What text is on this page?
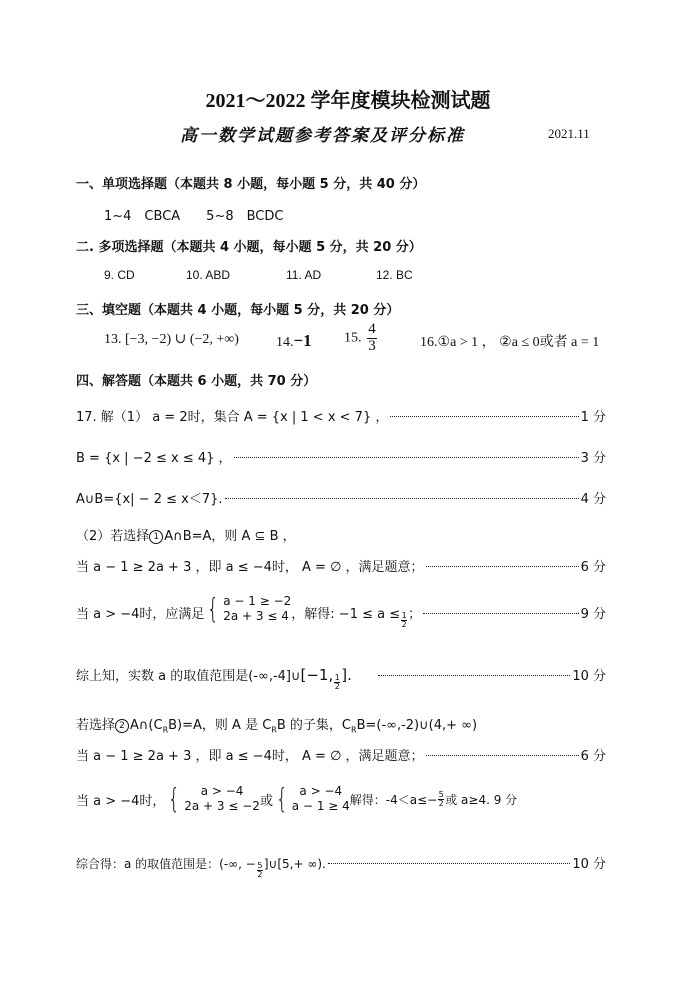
2021～2022 学年度模块检测试题
高一数学试题参考答案及评分标准	2021.11
一、单项选择题（本题共 8 小题，每小题 5 分，共 40 分）
1~4　CBCA　　5~8　BCDC
二. 多项选择题（本题共 4 小题，每小题 5 分，共 20 分）
9. CD	10. ABD	11. AD	12. BC
三、填空题（本题共 4 小题，每小题 5 分，共 20 分）
13. [−3, −2) ∪ (−2, +∞)	14.−1 15. $\frac{4}{3}$	16.①a > 1 ， ②a ≤ 0或者 a = 1
四、解答题（本题共 6 小题，共 70 分）
17. 解（1） a = 2时，集合 A = {x | 1 < x < 7} ，	1 分
B = {x | −2 ≤ x ≤ 4} ，	3 分
A∪B={x| − 2 ≤ x＜7}.	4 分
（2）若选择 1 A∩B=A，则 A ⊆ B ，
当 a − 1 ≥ 2a + 3 ，即 a ≤ −4时， A = ∅ ，满足题意；	6 分
当 a > −4时，应满足 { a − 1 ≥ −2
2a + 3 ≤ 4 ，解得: −1 ≤ a ≤ 1
2
；	9 分
综上知，实数 a 的取值范围是(-∞,-4]∪ [−1, 1
2
].	10 分
若选择 2 $A\cap(C_RB)=A$，则 A 是 $C_RB$ 的子集，$C_RB=(-\infty,-2)\cup(4,+$ ∞)
当 a − 1 ≥ 2a + 3 ，即 a ≤ −4时， A = ∅ ，满足题意；	6 分
当 a > −4时， { a > −4
2a + 3 ≤ −2 或 { a > −4
a − 1 ≥ 4 解得：-4＜a≤− 5
2 或 a≥4. 9 分
综合得：a 的取值范围是：(-∞, − 5
2
]∪[5,+ ∞).	10 分
